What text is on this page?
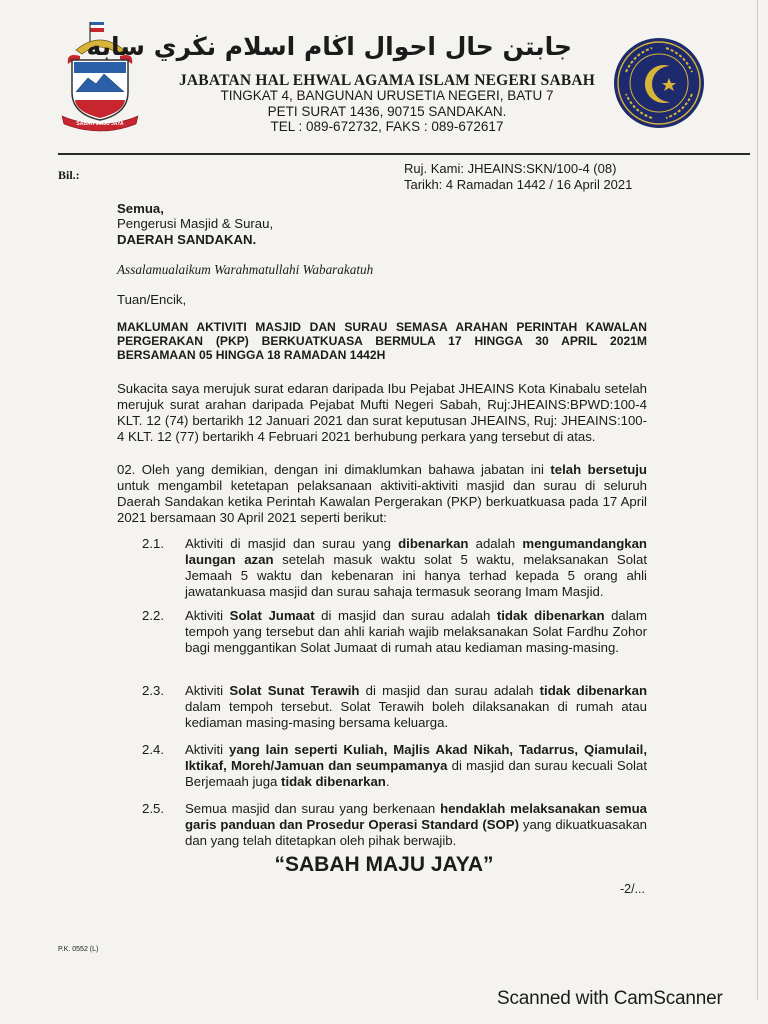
SABAH MAJU JAYA
جابتن حال احوال اڬام اسلام نڬري سابه
JABATAN HAL EHWAL AGAMA ISLAM NEGERI SABAH
TINGKAT 4, BANGUNAN URUSETIA NEGERI, BATU 7
PETI SURAT 1436, 90715 SANDAKAN.
TEL : 089-672732, FAKS : 089-672617
Bil.:	Ruj. Kami: JHEAINS:SKN/100-4 (08)
Tarikh: 4 Ramadan 1442 / 16 April 2021
Semua,
Pengerusi Masjid & Surau,
DAERAH SANDAKAN.
Assalamualaikum Warahmatullahi Wabarakatuh
Tuan/Encik,
MAKLUMAN AKTIVITI MASJID DAN SURAU SEMASA ARAHAN PERINTAH KAWALAN PERGERAKAN (PKP) BERKUATKUASA BERMULA 17 HINGGA 30 APRIL 2021M BERSAMAAN 05 HINGGA 18 RAMADAN 1442H
Sukacita saya merujuk surat edaran daripada Ibu Pejabat JHEAINS Kota Kinabalu setelah merujuk surat arahan daripada Pejabat Mufti Negeri Sabah, Ruj:JHEAINS:BPWD:100-4 KLT. 12 (74) bertarikh 12 Januari 2021 dan surat keputusan JHEAINS, Ruj: JHEAINS:100-4 KLT. 12 (77) bertarikh 4 Februari 2021 berhubung perkara yang tersebut di atas.
02. Oleh yang demikian, dengan ini dimaklumkan bahawa jabatan ini telah bersetuju untuk mengambil ketetapan pelaksanaan aktiviti-aktiviti masjid dan surau di seluruh Daerah Sandakan ketika Perintah Kawalan Pergerakan (PKP) berkuatkuasa pada 17 April 2021 bersamaan 30 April 2021 seperti berikut:
2.1. Aktiviti di masjid dan surau yang dibenarkan adalah mengumandangkan laungan azan setelah masuk waktu solat 5 waktu, melaksanakan Solat Jemaah 5 waktu dan kebenaran ini hanya terhad kepada 5 orang ahli jawatankuasa masjid dan surau sahaja termasuk seorang Imam Masjid.
2.2. Aktiviti Solat Jumaat di masjid dan surau adalah tidak dibenarkan dalam tempoh yang tersebut dan ahli kariah wajib melaksanakan Solat Fardhu Zohor bagi menggantikan Solat Jumaat di rumah atau kediaman masing-masing.
2.3. Aktiviti Solat Sunat Terawih di masjid dan surau adalah tidak dibenarkan dalam tempoh tersebut. Solat Terawih boleh dilaksanakan di rumah atau kediaman masing-masing bersama keluarga.
2.4. Aktiviti yang lain seperti Kuliah, Majlis Akad Nikah, Tadarrus, Qiamulail, Iktikaf, Moreh/Jamuan dan seumpamanya di masjid dan surau kecuali Solat Berjemaah juga tidak dibenarkan.
2.5. Semua masjid dan surau yang berkenaan hendaklah melaksanakan semua garis panduan dan Prosedur Operasi Standard (SOP) yang dikuatkuasakan dan yang telah ditetapkan oleh pihak berwajib.
“SABAH MAJU JAYA”
-2/...
P.K. 0552 (L)
Scanned with CamScanner
